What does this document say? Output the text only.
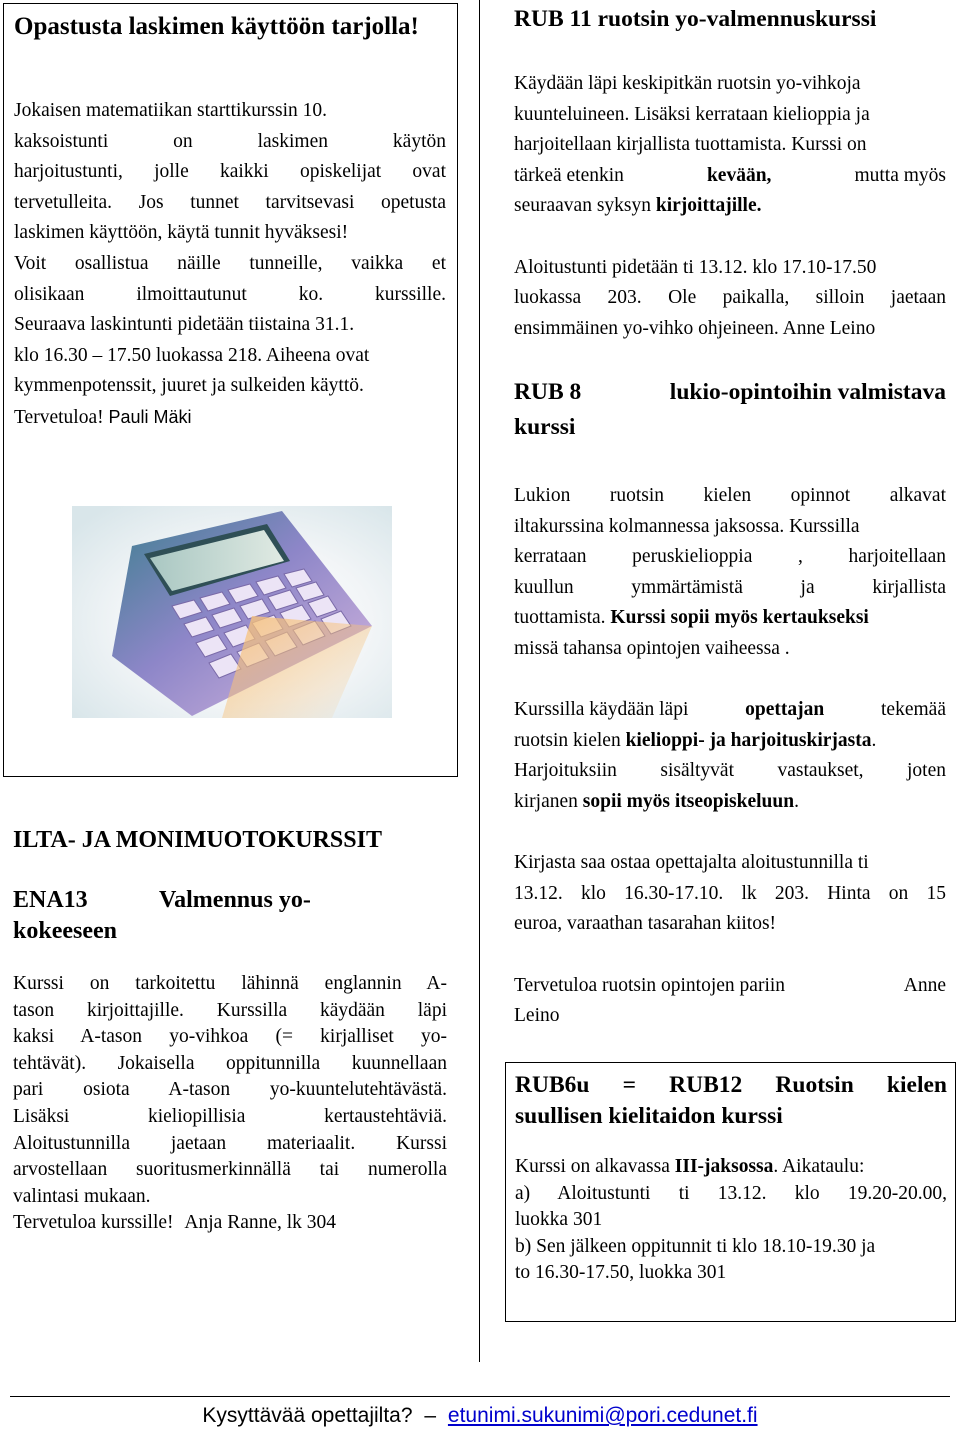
Opastusta laskimen käyttöön tarjolla!
Jokaisen matematiikan starttikurssin 10.
kaksoistunti on laskimen käytön
harjoitustunti, jolle kaikki opiskelijat ovat
tervetulleita. Jos tunnet tarvitsevasi opetusta
laskimen käyttöön, käytä tunnit hyväksesi!
Voit osallistua näille tunneille, vaikka et
olisikaan ilmoittautunut ko. kurssille.
Seuraava laskintunti pidetään tiistaina 31.1.
klo 16.30 – 17.50 luokassa 218. Aiheena ovat
kymmenpotenssit, juuret ja sulkeiden käyttö.
Tervetuloa! Pauli Mäki
ILTA- JA MONIMUOTOKURSSIT
ENA13	Valmennus yo-
kokeeseen
Kurssi on tarkoitettu lähinnä englannin A-
tason kirjoittajille. Kurssilla käydään läpi
kaksi A-tason yo-vihkoa (= kirjalliset yo-
tehtävät). Jokaisella oppitunnilla kuunnellaan
pari osiota A-tason yo-kuuntelutehtävästä.
Lisäksi kieliopillisia kertaustehtäviä.
Aloitustunnilla jaetaan materiaalit. Kurssi
arvostellaan suoritusmerkinnällä tai numerolla
valintasi mukaan.
Tervetuloa kurssille! Anja Ranne, lk 304
RUB 11 ruotsin yo-valmennuskurssi
Käydään läpi keskipitkän ruotsin yo-vihkoja
kuunteluineen. Lisäksi kerrataan kielioppia ja
harjoitellaan kirjallista tuottamista. Kurssi on
tärkeä etenkin	kevään,	mutta myös
seuraavan syksyn kirjoittajille.
Aloitustunti pidetään ti 13.12. klo 17.10-17.50
luokassa 203. Ole paikalla, silloin jaetaan
ensimmäinen yo-vihko ohjeineen. Anne Leino
RUB 8	lukio-opintoihin valmistava
kurssi
Lukion ruotsin kielen opinnot alkavat
iltakurssina kolmannessa jaksossa. Kurssilla
kerrataan peruskielioppia , harjoitellaan
kuullun ymmärtämistä ja kirjallista
tuottamista. Kurssi sopii myös kertaukseksi
missä tahansa opintojen vaiheessa .
Kurssilla käydään läpi	opettajan	tekemää
ruotsin kielen kielioppi- ja harjoituskirjasta.
Harjoituksiin sisältyvät vastaukset, joten
kirjanen sopii myös itseopiskeluun.
Kirjasta saa ostaa opettajalta aloitustunnilla ti
13.12. klo 16.30-17.10. lk 203. Hinta on 15
euroa, varaathan tasarahan kiitos!
Tervetuloa ruotsin opintojen pariin	Anne
Leino
RUB6u = RUB12 Ruotsin kielen
suullisen kielitaidon kurssi
Kurssi on alkavassa III-jaksossa. Aikataulu:
a) Aloitustunti ti 13.12. klo 19.20-20.00,
luokka 301
b) Sen jälkeen oppitunnit ti klo 18.10-19.30 ja
to 16.30-17.50, luokka 301
Kysyttävää opettajilta? – etunimi.sukunimi@pori.cedunet.fi
